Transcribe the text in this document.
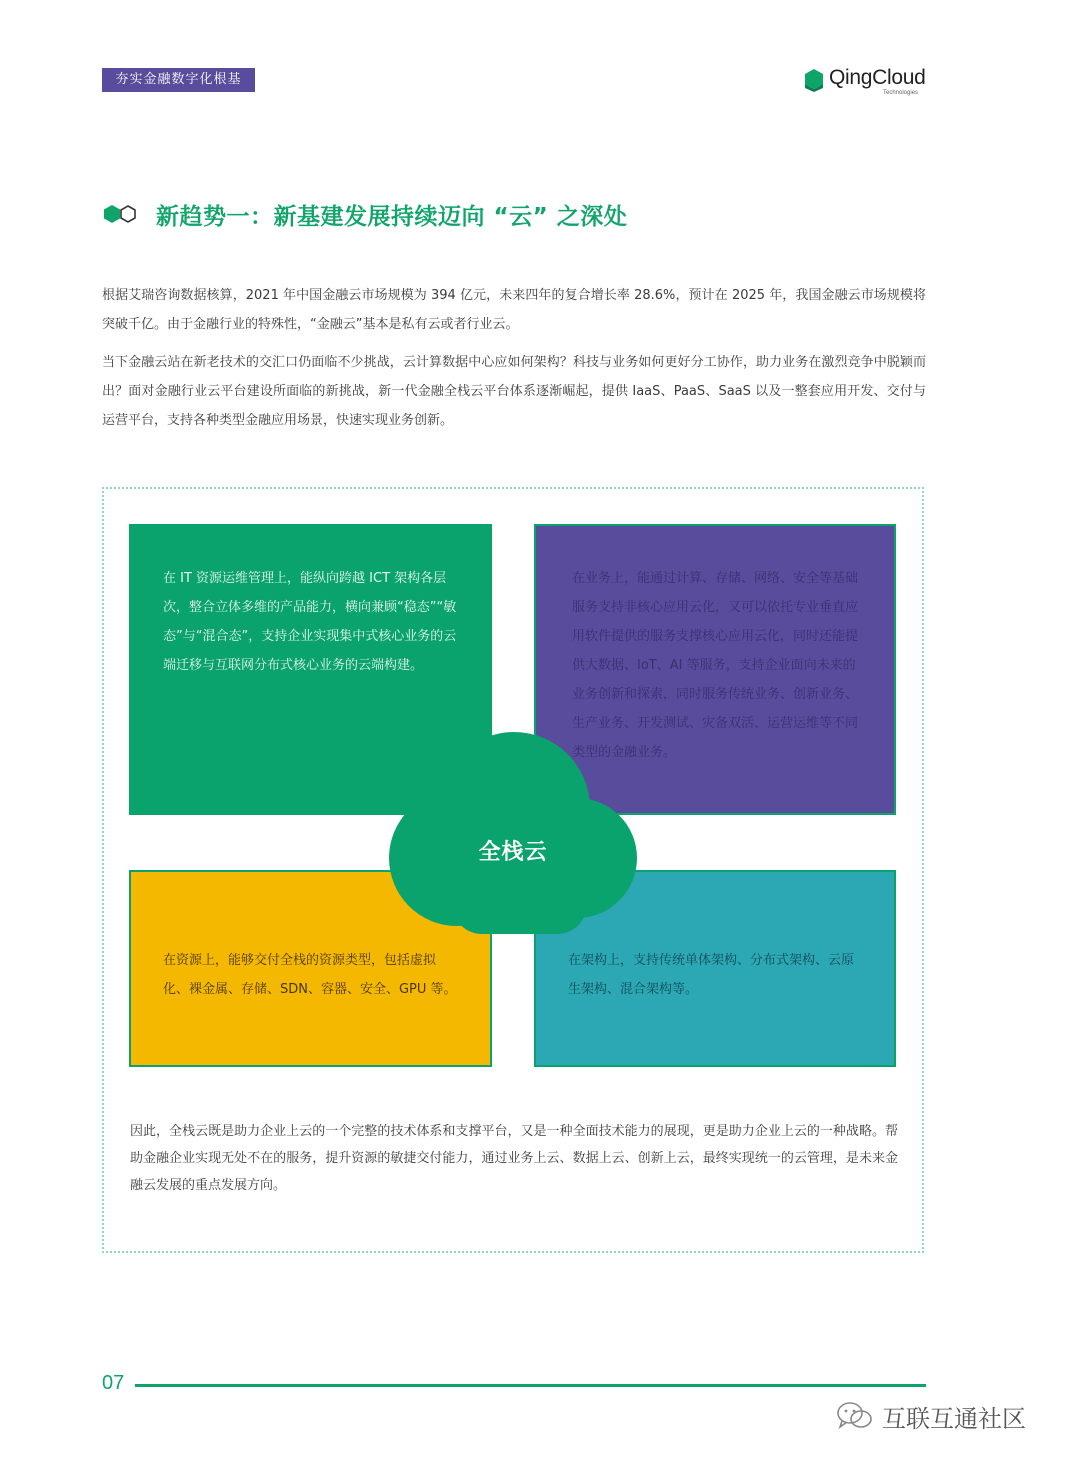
夯实金融数字化根基	QingCloud
Technologies
新趋势一：新基建发展持续迈向 “云” 之深处

根据艾瑞咨询数据核算，2021 年中国金融云市场规模为 394 亿元，未来四年的复合增长率 28.6%，预计在 2025 年，我国金融云市场规模将突破千亿。由于金融行业的特殊性，“金融云”基本是私有云或者行业云。

当下金融云站在新老技术的交汇口仍面临不少挑战，云计算数据中心应如何架构？科技与业务如何更好分工协作，助力业务在激烈竞争中脱颖而出？面对金融行业云平台建设所面临的新挑战，新一代金融全栈云平台体系逐渐崛起，提供 IaaS、PaaS、SaaS 以及一整套应用开发、交付与运营平台，支持各种类型金融应用场景，快速实现业务创新。

在 IT 资源运维管理上，能纵向跨越 ICT 架构各层次，整合立体多维的产品能力，横向兼顾“稳态”“敏态”与“混合态”，支持企业实现集中式核心业务的云端迁移与互联网分布式核心业务的云端构建。
在业务上，能通过计算、存储、网络、安全等基础服务支持非核心应用云化，又可以依托专业垂直应用软件提供的服务支撑核心应用云化，同时还能提供大数据、IoT、AI 等服务，支持企业面向未来的业务创新和探索，同时服务传统业务、创新业务、生产业务、开发测试、灾备双活、运营运维等不同类型的金融业务。
在资源上，能够交付全栈的资源类型，包括虚拟化、裸金属、存储、SDN、容器、安全、GPU 等。
在架构上，支持传统单体架构、分布式架构、云原生架构、混合架构等。
全栈云

因此，全栈云既是助力企业上云的一个完整的技术体系和支撑平台，又是一种全面技术能力的展现，更是助力企业上云的一种战略。帮助金融企业实现无处不在的服务，提升资源的敏捷交付能力，通过业务上云、数据上云、创新上云，最终实现统一的云管理，是未来金融云发展的重点发展方向。

07
互联互通社区
